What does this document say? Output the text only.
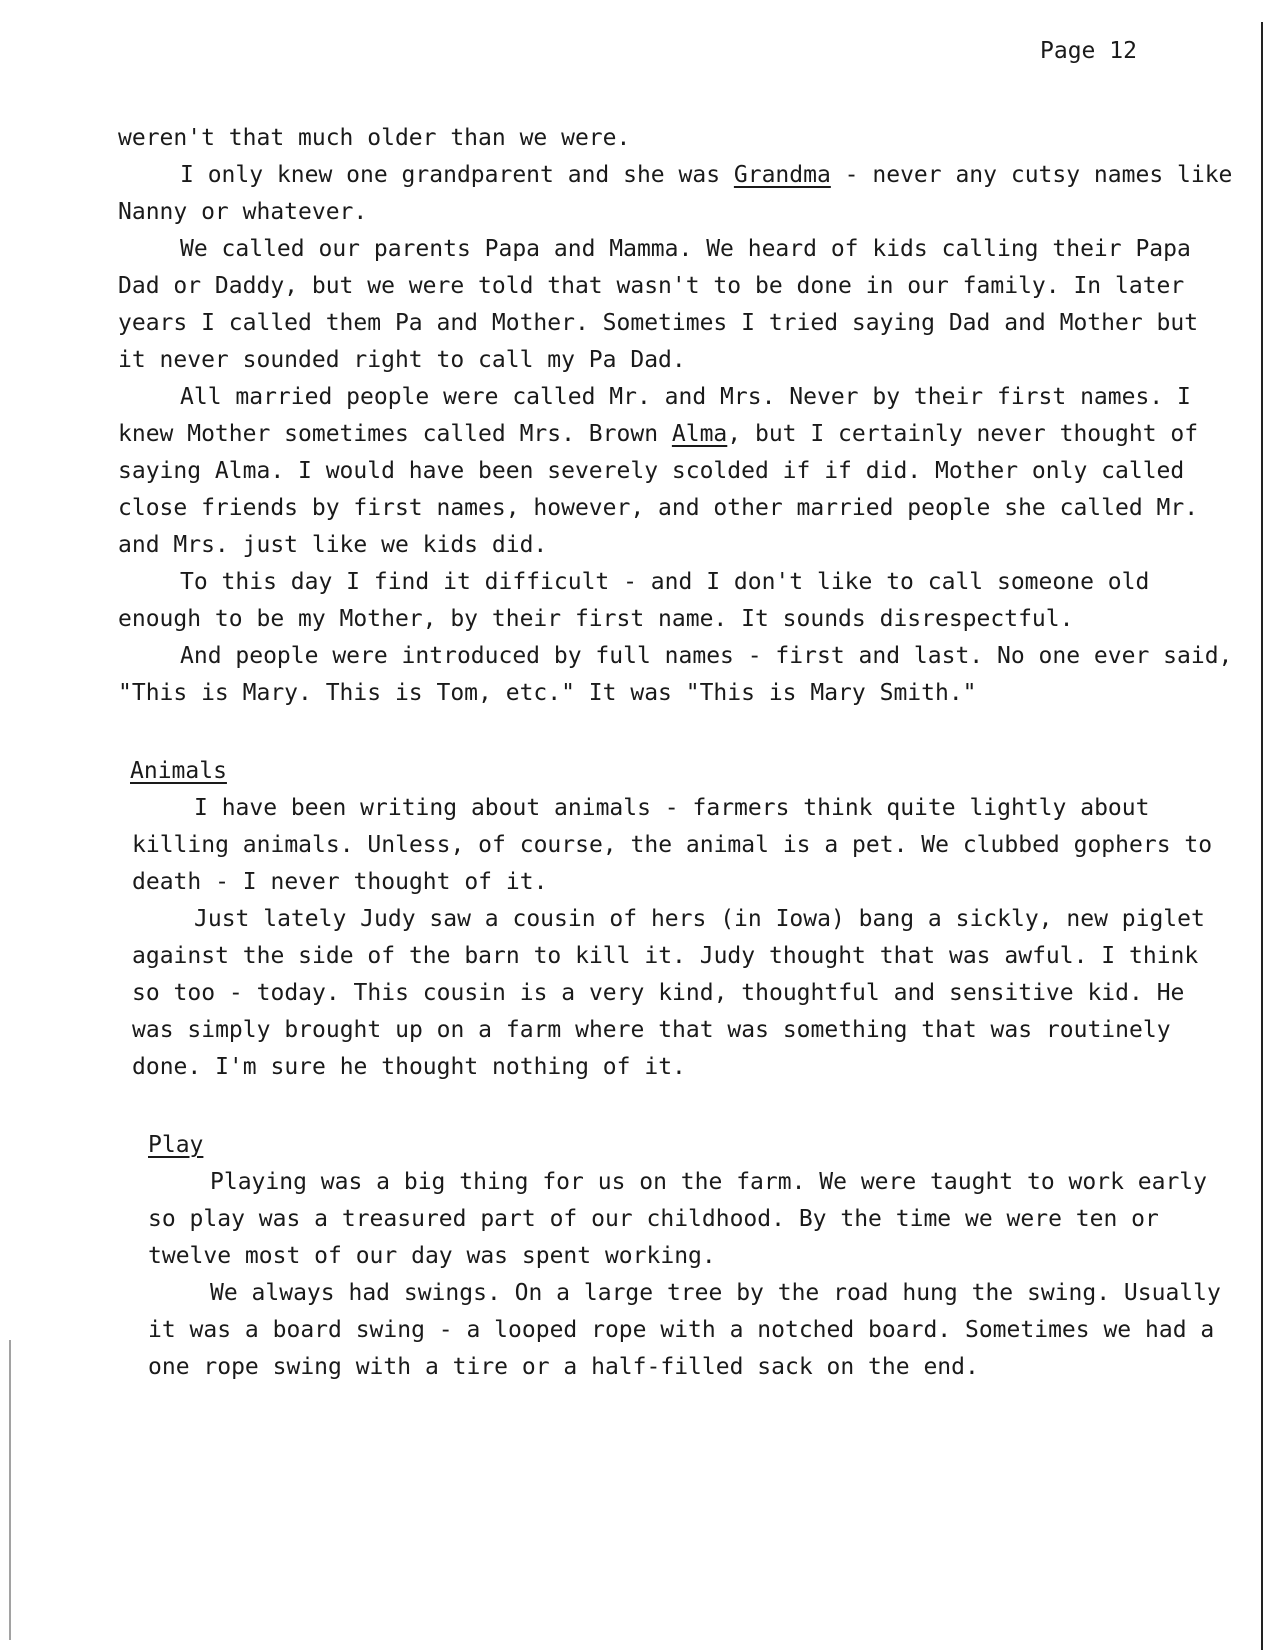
Page 12

weren't that much older than we were.

I only knew one grandparent and she was Grandma - never any cutsy names like Nanny or whatever.

We called our parents Papa and Mamma. We heard of kids calling their Papa Dad or Daddy, but we were told that wasn't to be done in our family. In later years I called them Pa and Mother. Sometimes I tried saying Dad and Mother but it never sounded right to call my Pa Dad.

All married people were called Mr. and Mrs. Never by their first names. I knew Mother sometimes called Mrs. Brown Alma, but I certainly never thought of saying Alma. I would have been severely scolded if if did. Mother only called close friends by first names, however, and other married people she called Mr. and Mrs. just like we kids did.

To this day I find it difficult - and I don't like to call someone old enough to be my Mother, by their first name. It sounds disrespectful.

And people were introduced by full names - first and last. No one ever said, "This is Mary. This is Tom, etc." It was "This is Mary Smith."

Animals

I have been writing about animals - farmers think quite lightly about killing animals. Unless, of course, the animal is a pet. We clubbed gophers to death - I never thought of it.

Just lately Judy saw a cousin of hers (in Iowa) bang a sickly, new piglet against the side of the barn to kill it. Judy thought that was awful. I think so too - today. This cousin is a very kind, thoughtful and sensitive kid. He was simply brought up on a farm where that was something that was routinely done. I'm sure he thought nothing of it.

Play

Playing was a big thing for us on the farm. We were taught to work early so play was a treasured part of our childhood. By the time we were ten or twelve most of our day was spent working.

We always had swings. On a large tree by the road hung the swing. Usually it was a board swing - a looped rope with a notched board. Sometimes we had a one rope swing with a tire or a half-filled sack on the end.
